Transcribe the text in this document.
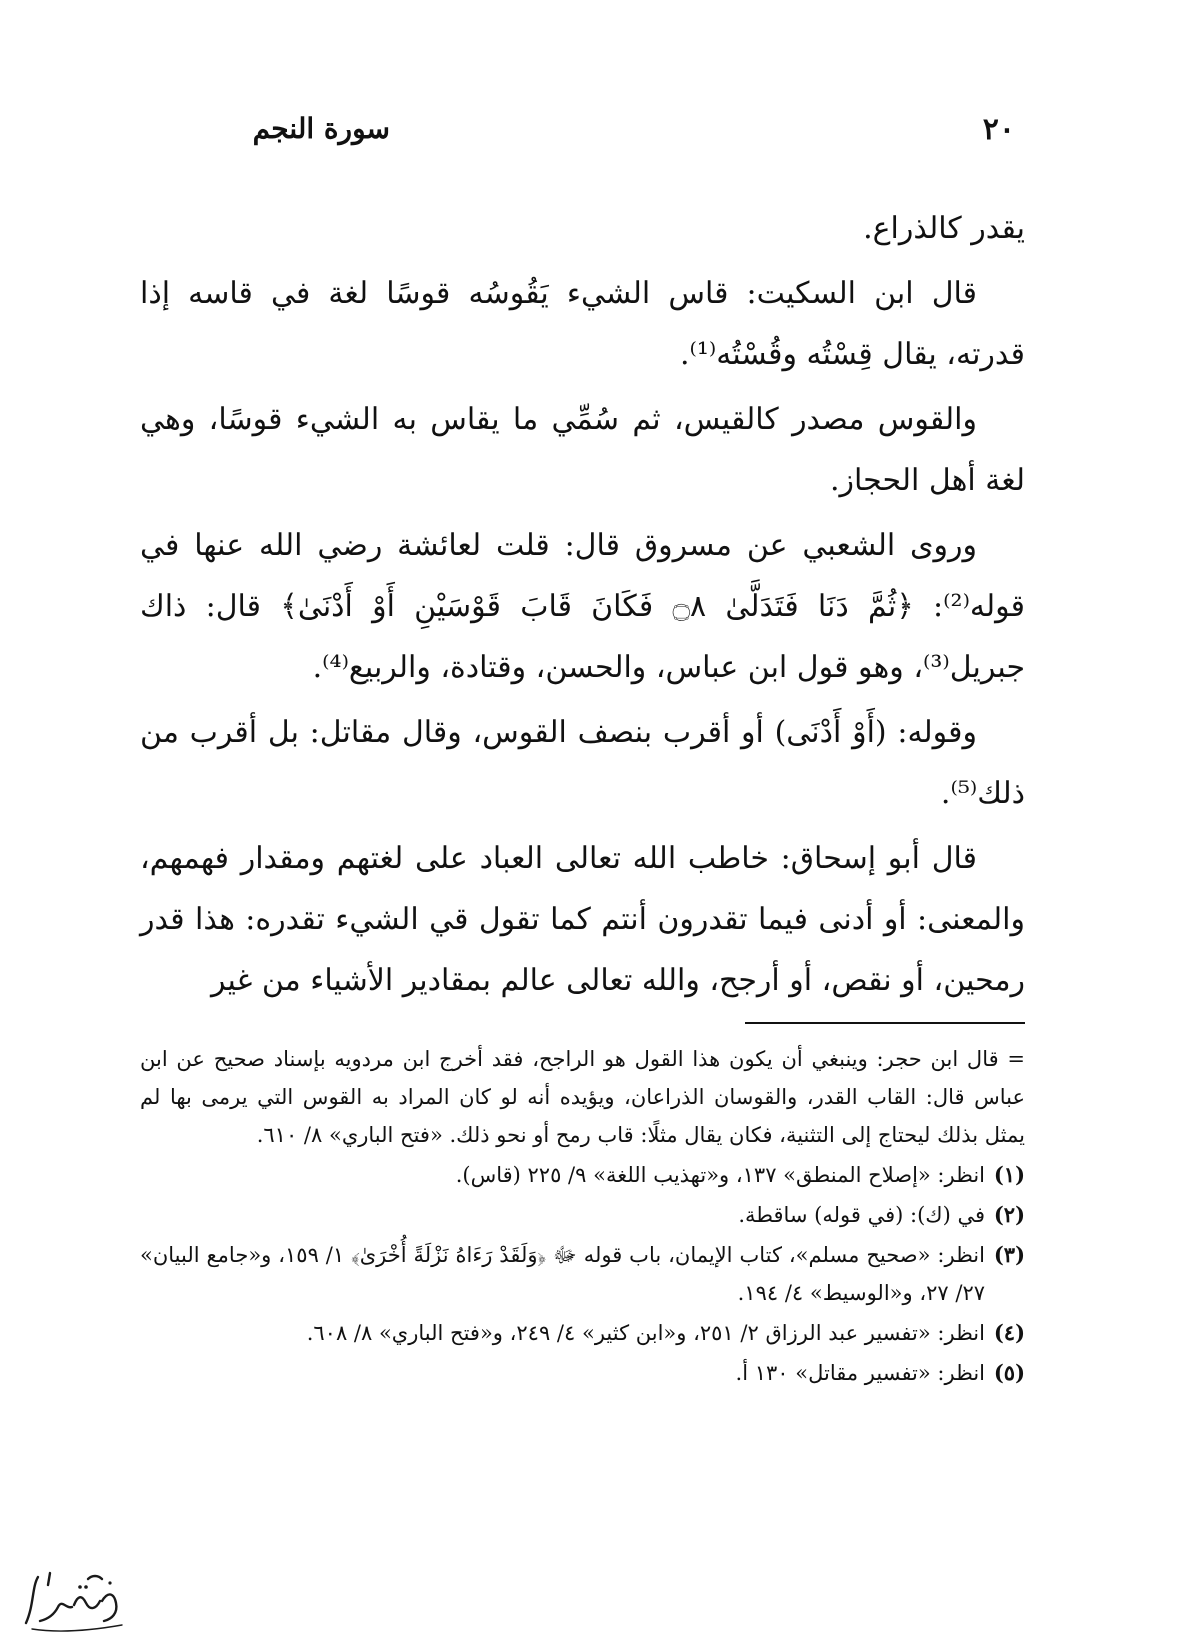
سورة النجم	٢٠

يقدر كالذراع.

قال ابن السكيت: قاس الشيء يَقُوسُه قوسًا لغة في قاسه إذا قدرته، يقال قِسْتُه وقُسْتُه⁽¹⁾.

والقوس مصدر كالقيس، ثم سُمِّي ما يقاس به الشيء قوسًا، وهي لغة أهل الحجاز.

وروى الشعبي عن مسروق قال: قلت لعائشة رضي الله عنها في قوله⁽²⁾: ﴿ثُمَّ دَنَا فَتَدَلَّىٰ ۝٨ فَكَانَ قَابَ قَوْسَيْنِ أَوْ أَدْنَىٰ﴾ قال: ذاك جبريل⁽³⁾، وهو قول ابن عباس، والحسن، وقتادة، والربيع⁽⁴⁾.

وقوله: (أَوْ أَدْنَى) أو أقرب بنصف القوس، وقال مقاتل: بل أقرب من ذلك⁽⁵⁾.

قال أبو إسحاق: خاطب الله تعالى العباد على لغتهم ومقدار فهمهم، والمعنى: أو أدنى فيما تقدرون أنتم كما تقول قي الشيء تقدره: هذا قدر رمحين، أو نقص، أو أرجح، والله تعالى عالم بمقادير الأشياء من غير

= قال ابن حجر: وينبغي أن يكون هذا القول هو الراجح، فقد أخرج ابن مردويه بإسناد صحيح عن ابن عباس قال: القاب القدر، والقوسان الذراعان، ويؤيده أنه لو كان المراد به القوس التي يرمى بها لم يمثل بذلك ليحتاج إلى التثنية، فكان يقال مثلًا: قاب رمح أو نحو ذلك. «فتح الباري» ٨/ ٦١٠.
(١)
انظر: «إصلاح المنطق» ١٣٧، و«تهذيب اللغة» ٩/ ٢٢٥ (قاس).
(٢)
في (ك): (في قوله) ساقطة.
(٣)
انظر: «صحيح مسلم»، كتاب الإيمان، باب قوله ﷻ ﴿وَلَقَدْ رَءَاهُ نَزْلَةً أُخْرَىٰ﴾ ١/ ١٥٩، و«جامع البيان» ٢٧/ ٢٧، و«الوسيط» ٤/ ١٩٤.
(٤)
انظر: «تفسير عبد الرزاق ٢/ ٢٥١، و«ابن كثير» ٤/ ٢٤٩، و«فتح الباري» ٨/ ٦٠٨.
(٥)
انظر: «تفسير مقاتل» ١٣٠ أ.
